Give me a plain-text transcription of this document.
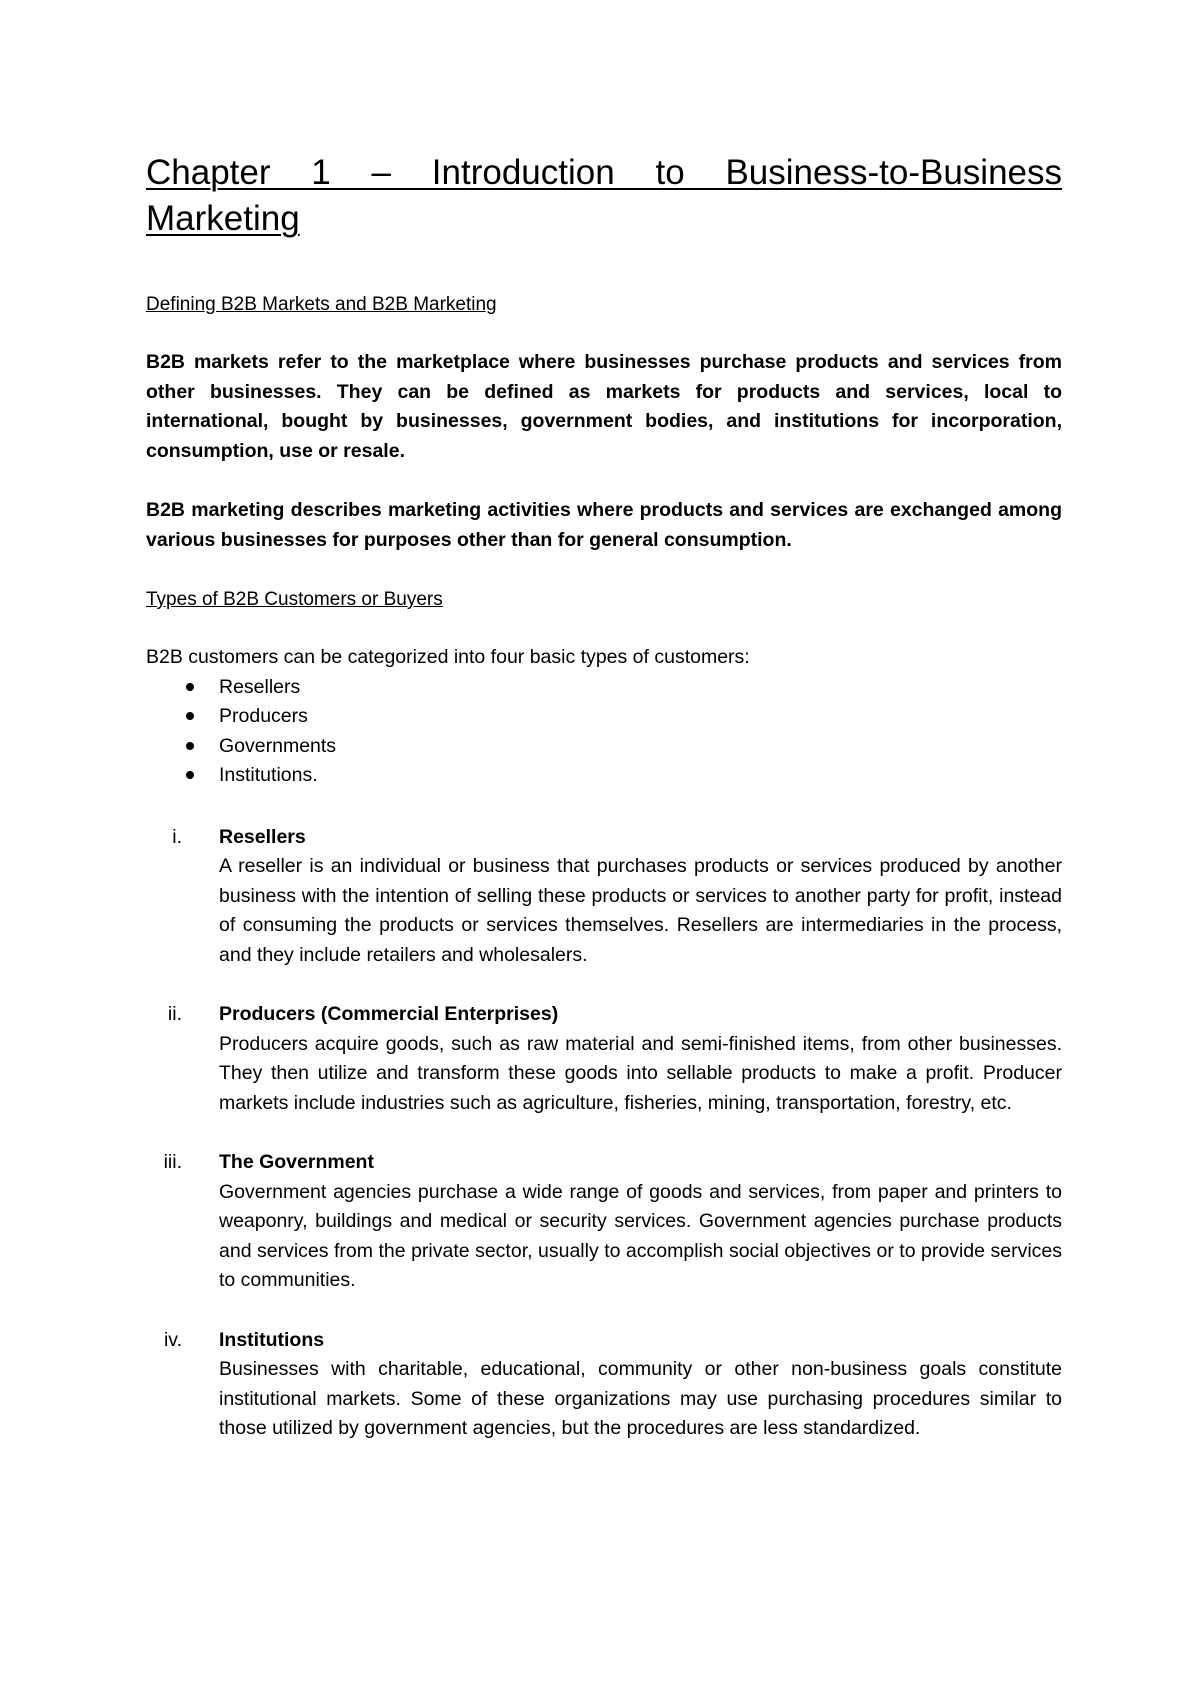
Chapter 1 – Introduction to Business-to-Business Marketing
Defining B2B Markets and B2B Marketing

B2B markets refer to the marketplace where businesses purchase products and services from other businesses. They can be defined as markets for products and services, local to international, bought by businesses, government bodies, and institutions for incorporation, consumption, use or resale.

B2B marketing describes marketing activities where products and services are exchanged among various businesses for purposes other than for general consumption.

Types of B2B Customers or Buyers

B2B customers can be categorized into four basic types of customers:

Resellers
Producers
Governments
Institutions.
i. Resellers

A reseller is an individual or business that purchases products or services produced by another business with the intention of selling these products or services to another party for profit, instead of consuming the products or services themselves. Resellers are intermediaries in the process, and they include retailers and wholesalers.

ii. Producers (Commercial Enterprises)

Producers acquire goods, such as raw material and semi-finished items, from other businesses. They then utilize and transform these goods into sellable products to make a profit. Producer markets include industries such as agriculture, fisheries, mining, transportation, forestry, etc.

iii. The Government

Government agencies purchase a wide range of goods and services, from paper and printers to weaponry, buildings and medical or security services. Government agencies purchase products and services from the private sector, usually to accomplish social objectives or to provide services to communities.

iv. Institutions

Businesses with charitable, educational, community or other non-business goals constitute institutional markets. Some of these organizations may use purchasing procedures similar to those utilized by government agencies, but the procedures are less standardized.
